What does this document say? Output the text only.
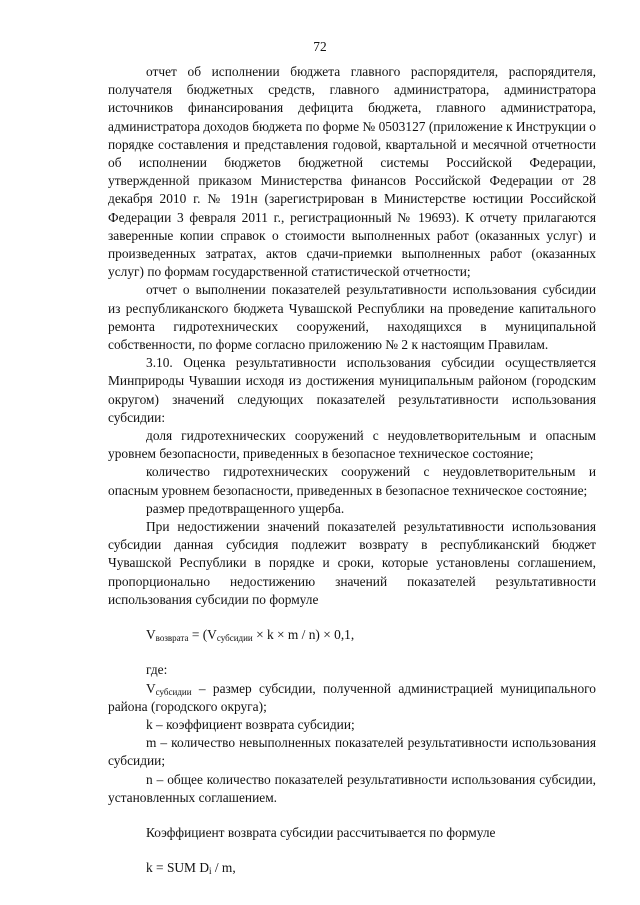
72

отчет об исполнении бюджета главного распорядителя, распорядителя, получателя бюджетных средств, главного администратора, администратора источников финансирования дефицита бюджета, главного администратора, администратора доходов бюджета по форме № 0503127 (приложение к Инструкции о порядке составления и представления годовой, квартальной и месячной отчетности об исполнении бюджетов бюджетной системы Российской Федерации, утвержденной приказом Министерства финансов Российской Федерации от 28 декабря 2010 г. № 191н (зарегистрирован в Министерстве юстиции Российской Федерации 3 февраля 2011 г., регистрационный № 19693). К отчету прилагаются заверенные копии справок о стоимости выполненных работ (оказанных услуг) и произведенных затратах, актов сдачи-приемки выполненных работ (оказанных услуг) по формам государственной статистической отчетности;

отчет о выполнении показателей результативности использования субсидии из республиканского бюджета Чувашской Республики на проведение капитального ремонта гидротехнических сооружений, находящихся в муниципальной собственности, по форме согласно приложению № 2 к настоящим Правилам.

3.10. Оценка результативности использования субсидии осуществляется Минприроды Чувашии исходя из достижения муниципальным районом (городским округом) значений следующих показателей результативности использования субсидии:

доля гидротехнических сооружений с неудовлетворительным и опасным уровнем безопасности, приведенных в безопасное техническое состояние;

количество гидротехнических сооружений с неудовлетворительным и опасным уровнем безопасности, приведенных в безопасное техническое состояние;

размер предотвращенного ущерба.

При недостижении значений показателей результативности использования субсидии данная субсидия подлежит возврату в республиканский бюджет Чувашской Республики в порядке и сроки, которые установлены соглашением, пропорционально недостижению значений показателей результативности использования субсидии по формуле

$V_{возврата} = (V_{субсидии} \times k \times m / n) \times 0,1$,

где:

$V_{субсидии}$ – размер субсидии, полученной администрацией муниципального района (городского округа);

k – коэффициент возврата субсидии;

m – количество невыполненных показателей результативности использования субсидии;

n – общее количество показателей результативности использования субсидии, установленных соглашением.

Коэффициент возврата субсидии рассчитывается по формуле

k = SUM $D_i$ / m,
